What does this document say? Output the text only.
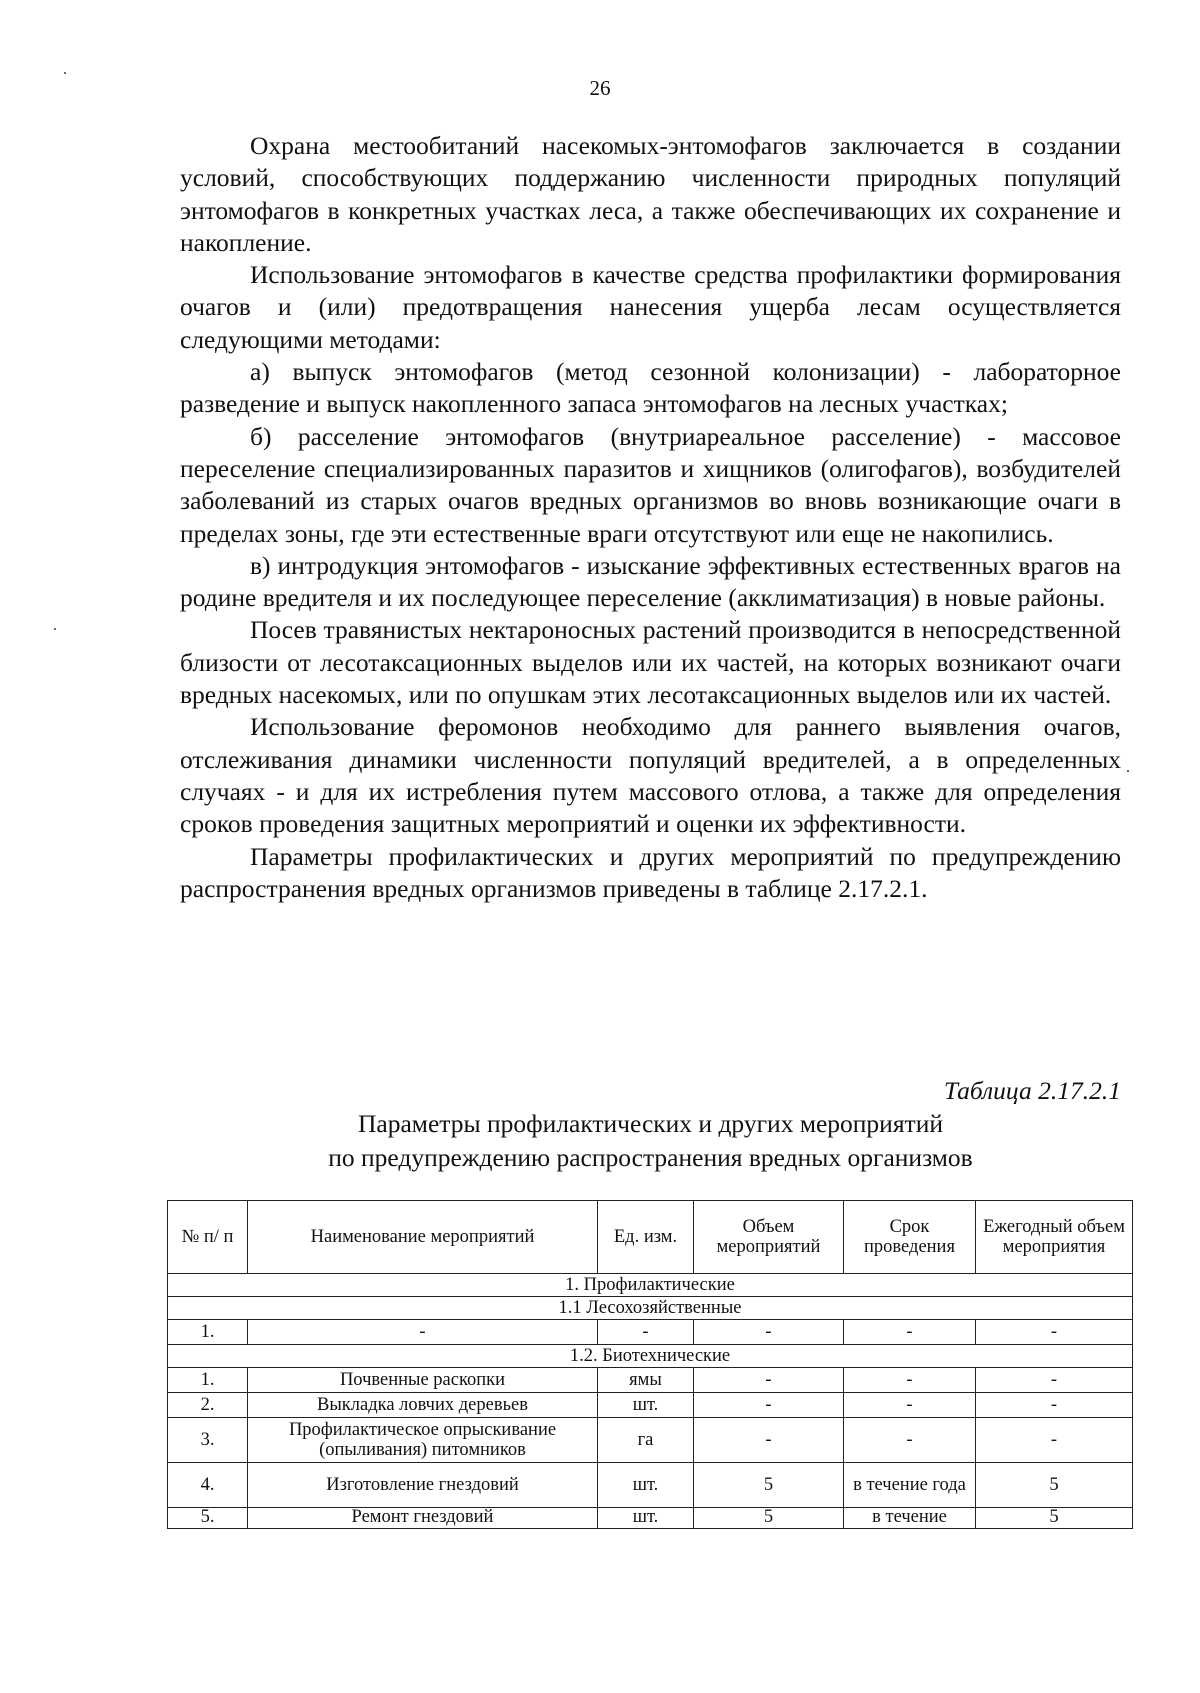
26

Охрана местообитаний насекомых-энтомофагов заключается в создании условий, способствующих поддержанию численности природных популяций энтомофагов в конкретных участках леса, а также обеспечивающих их сохранение и накопление.

Использование энтомофагов в качестве средства профилактики формирования очагов и (или) предотвращения нанесения ущерба лесам осуществляется следующими методами:

а) выпуск энтомофагов (метод сезонной колонизации) - лабораторное разведение и выпуск накопленного запаса энтомофагов на лесных участках;

б) расселение энтомофагов (внутриареальное расселение) - массовое переселение специализированных паразитов и хищников (олигофагов), возбудителей заболеваний из старых очагов вредных организмов во вновь возникающие очаги в пределах зоны, где эти естественные враги отсутствуют или еще не накопились.

в) интродукция энтомофагов - изыскание эффективных естественных врагов на родине вредителя и их последующее переселение (акклиматизация) в новые районы.

Посев травянистых нектароносных растений производится в непосредственной близости от лесотаксационных выделов или их частей, на которых возникают очаги вредных насекомых, или по опушкам этих лесотаксационных выделов или их частей.

Использование феромонов необходимо для раннего выявления очагов, отслеживания динамики численности популяций вредителей, а в определенных случаях - и для их истребления путем массового отлова, а также для определения сроков проведения защитных мероприятий и оценки их эффективности.

Параметры профилактических и других мероприятий по предупреждению распространения вредных организмов приведены в таблице 2.17.2.1.

Таблица 2.17.2.1
Параметры профилактических и других мероприятий
по предупреждению распространения вредных организмов
№ п/ п	Наименование мероприятий	Ед. изм.	Объем мероприятий	Срок проведения	Ежегодный объем мероприятия
1. Профилактические					
1.1 Лесохозяйственные					
1.	-	-	-	-	-
1.2. Биотехнические					
1.	Почвенные раскопки	ямы	-	-	-
2.	Выкладка ловчих деревьев	шт.	-	-	-
3.	Профилактическое опрыскивание (опыливания) питомников	га	-	-	-
4.	Изготовление гнездовий	шт.	5	в течение года	5
5.	Ремонт гнездовий	шт.	5	в течение	5
